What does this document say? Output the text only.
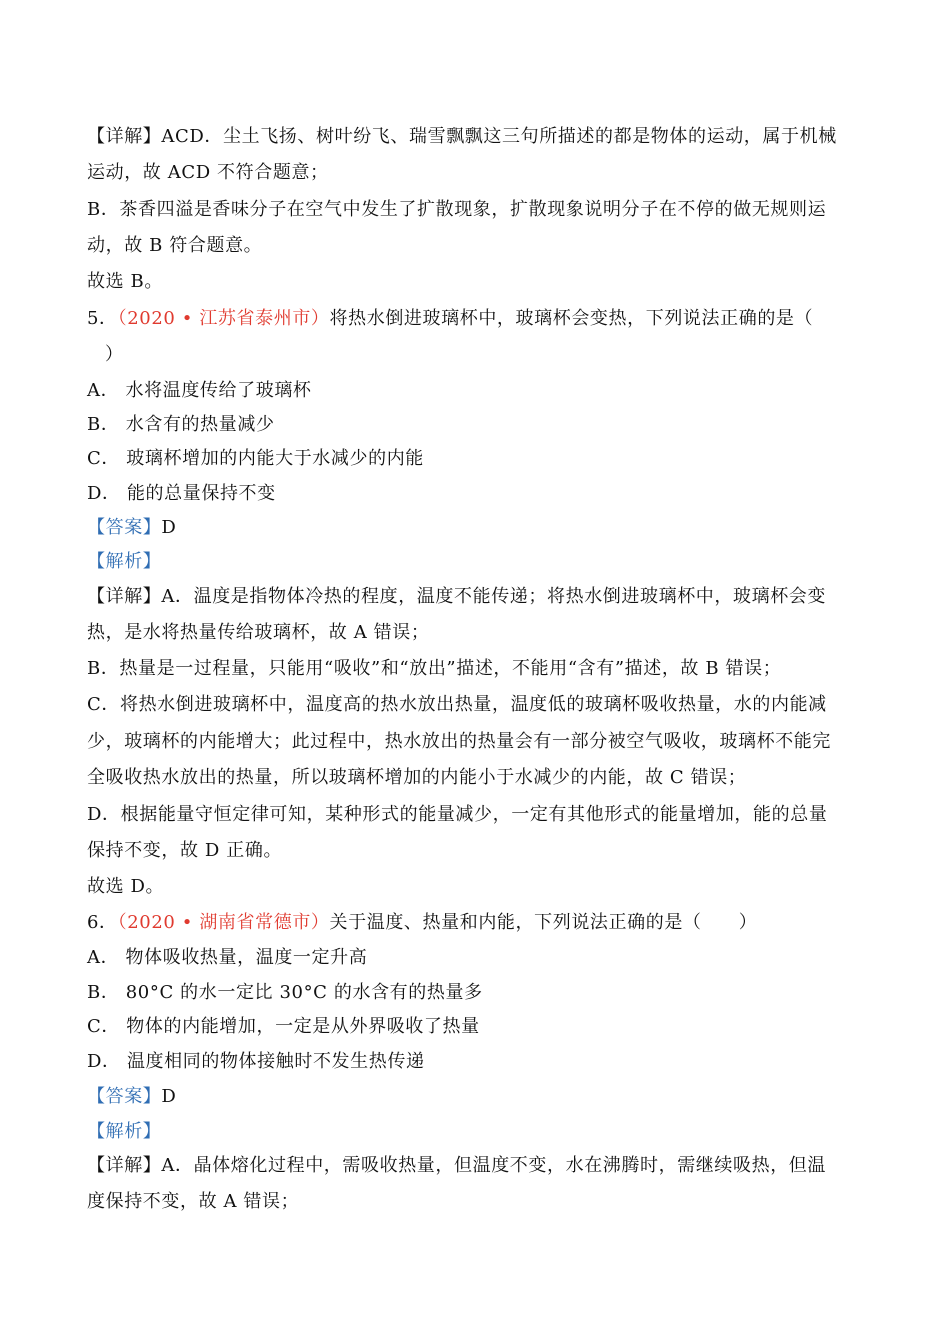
【详解】ACD．尘土飞扬、树叶纷飞、瑞雪飘飘这三句所描述的都是物体的运动，属于机械
运动，故 ACD 不符合题意；
B．茶香四溢是香味分子在空气中发生了扩散现象，扩散现象说明分子在不停的做无规则运
动，故 B 符合题意。
故选 B。
5．（2020 • 江苏省泰州市）将热水倒进玻璃杯中，玻璃杯会变热，下列说法正确的是（
）
A． 水将温度传给了玻璃杯
B． 水含有的热量减少
C． 玻璃杯增加的内能大于水减少的内能
D． 能的总量保持不变
【答案】D
【解析】
【详解】A．温度是指物体冷热的程度，温度不能传递；将热水倒进玻璃杯中，玻璃杯会变
热，是水将热量传给玻璃杯，故 A 错误；
B．热量是一过程量，只能用“吸收”和“放出”描述，不能用“含有”描述，故 B 错误；
C．将热水倒进玻璃杯中，温度高的热水放出热量，温度低的玻璃杯吸收热量，水的内能减
少，玻璃杯的内能增大；此过程中，热水放出的热量会有一部分被空气吸收，玻璃杯不能完
全吸收热水放出的热量，所以玻璃杯增加的内能小于水减少的内能，故 C 错误；
D．根据能量守恒定律可知，某种形式的能量减少，一定有其他形式的能量增加，能的总量
保持不变，故 D 正确。
故选 D。
6．（2020 • 湖南省常德市）关于温度、热量和内能，下列说法正确的是（　　）
A． 物体吸收热量，温度一定升高
B． 80°C 的水一定比 30°C 的水含有的热量多
C． 物体的内能增加，一定是从外界吸收了热量
D． 温度相同的物体接触时不发生热传递
【答案】D
【解析】
【详解】A．晶体熔化过程中，需吸收热量，但温度不变，水在沸腾时，需继续吸热，但温
度保持不变，故 A 错误；
